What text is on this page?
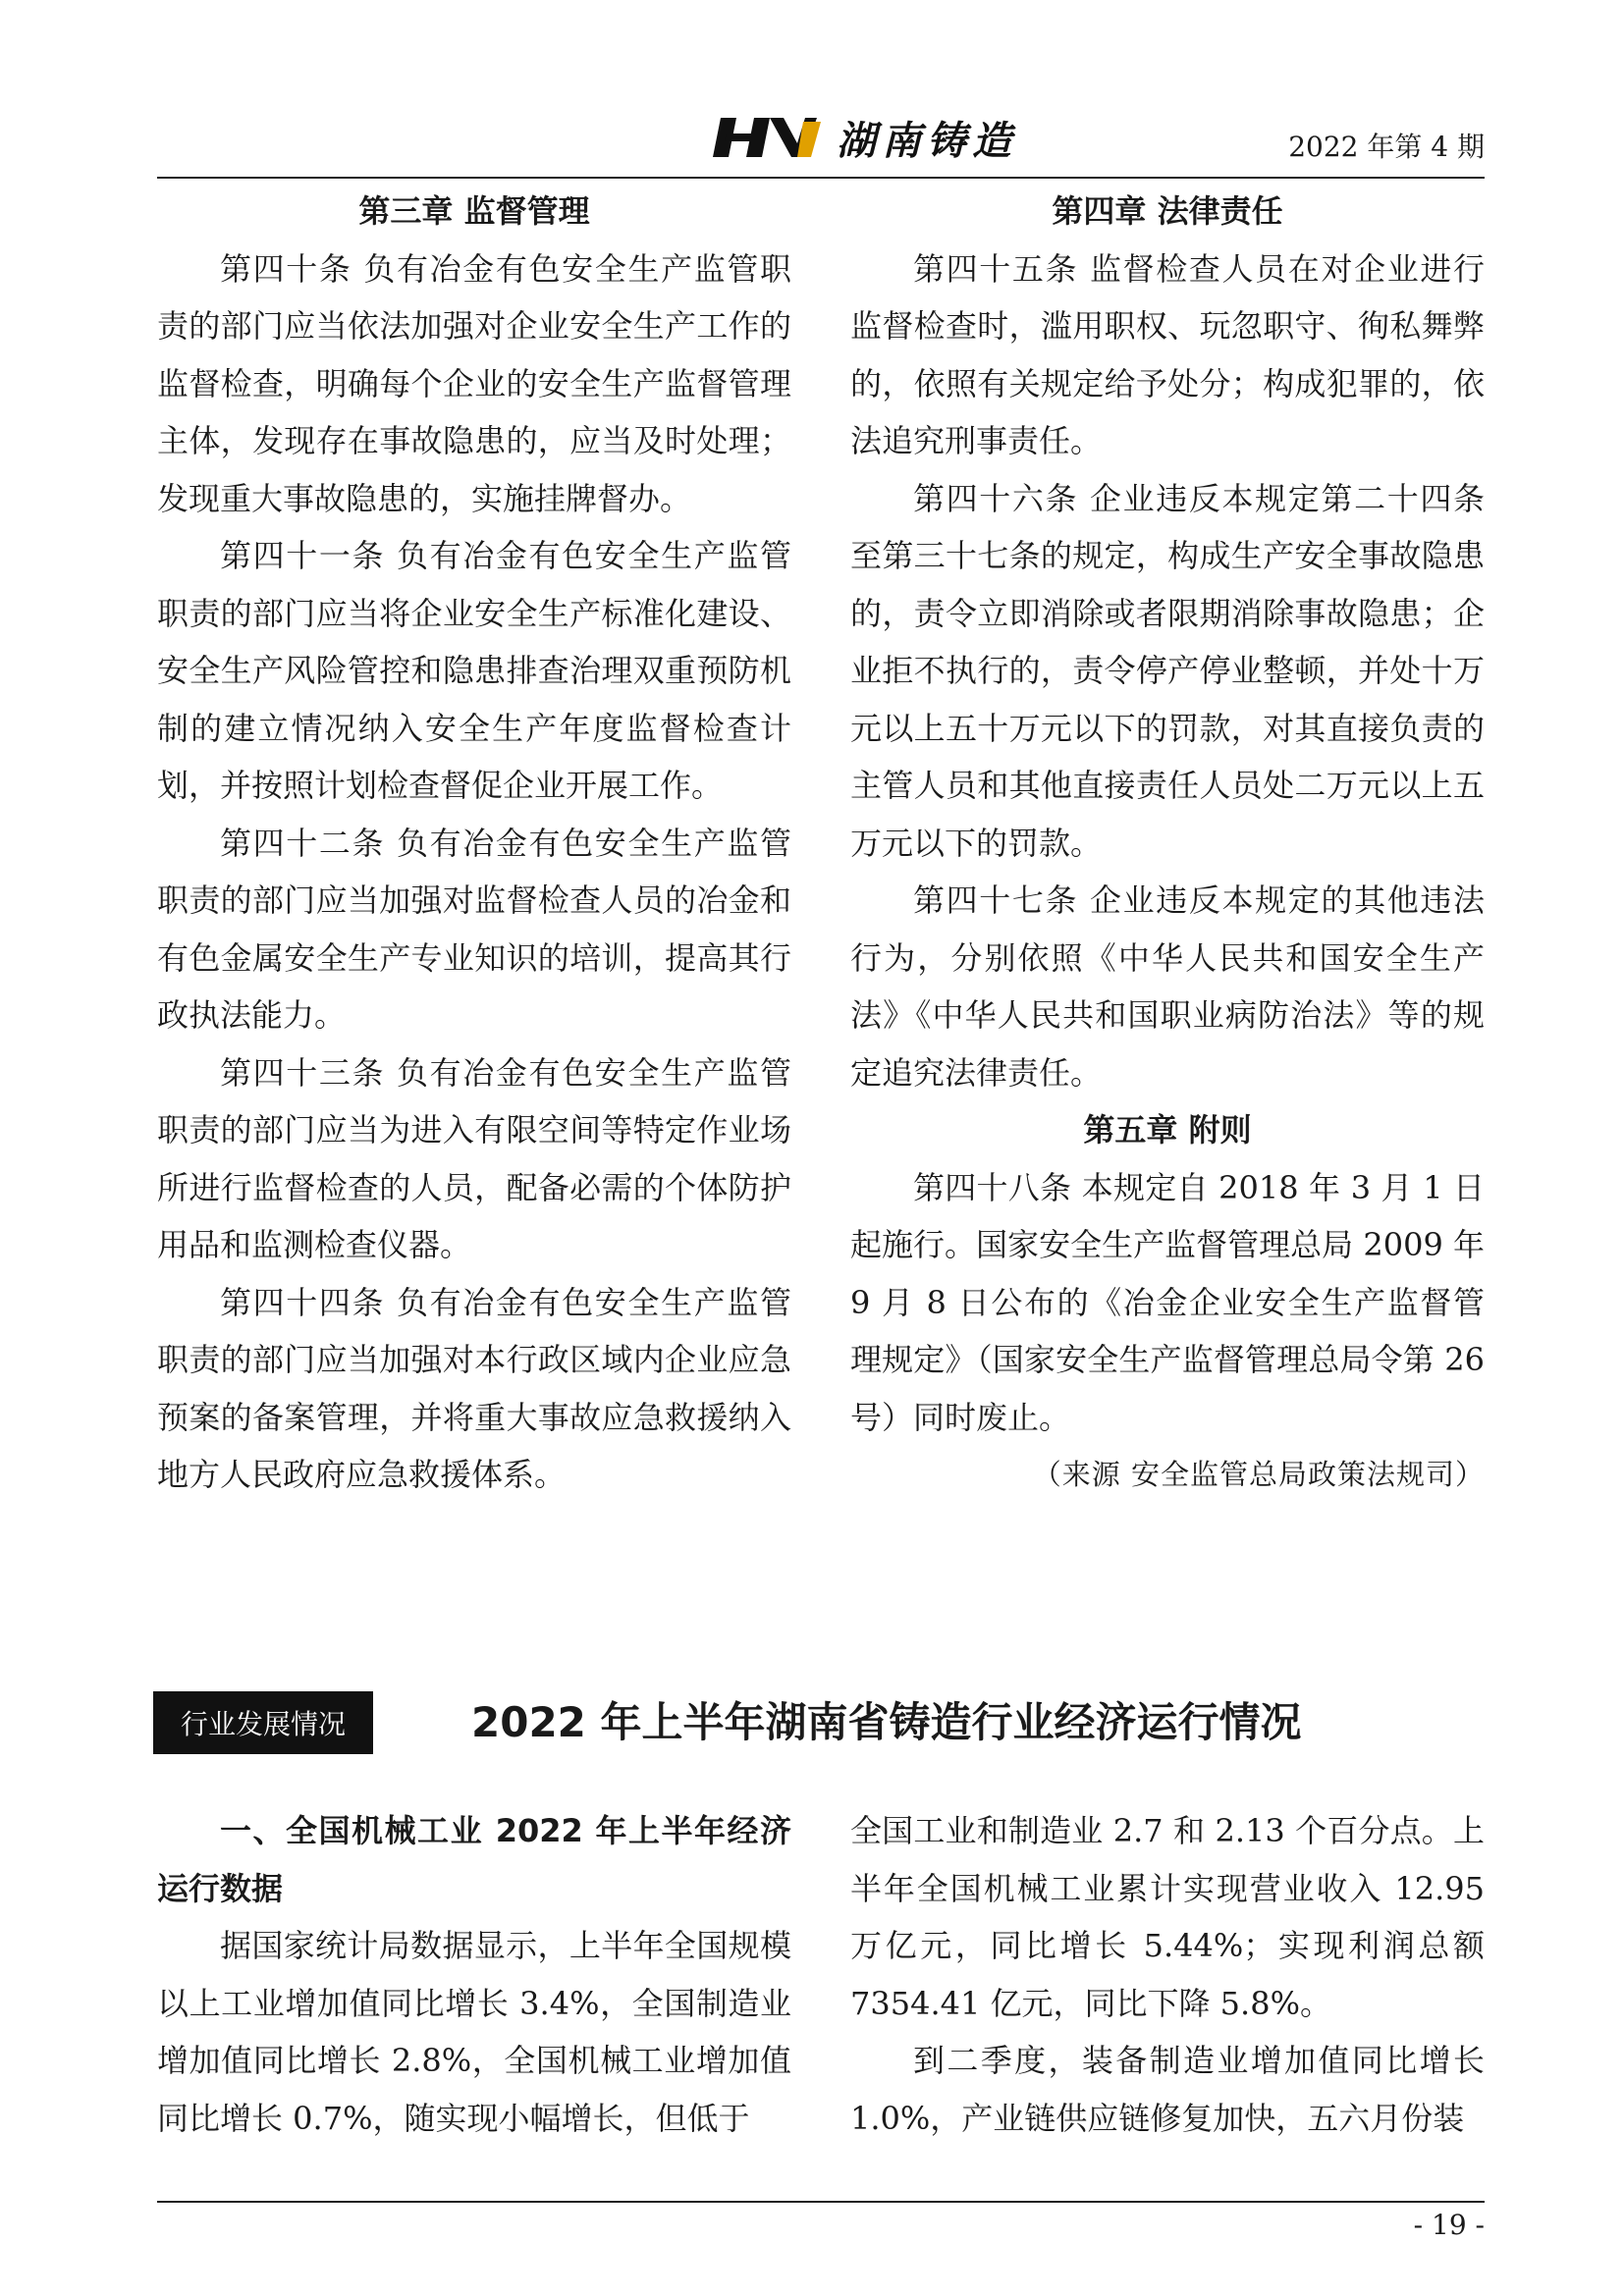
湖南铸造	2022 年第 4 期
第三章 监督管理

第四十条 负有冶金有色安全生产监管职责的部门应当依法加强对企业安全生产工作的监督检查，明确每个企业的安全生产监督管理主体，发现存在事故隐患的，应当及时处理；发现重大事故隐患的，实施挂牌督办。

第四十一条 负有冶金有色安全生产监管职责的部门应当将企业安全生产标准化建设、安全生产风险管控和隐患排查治理双重预防机制的建立情况纳入安全生产年度监督检查计划，并按照计划检查督促企业开展工作。

第四十二条 负有冶金有色安全生产监管职责的部门应当加强对监督检查人员的冶金和有色金属安全生产专业知识的培训，提高其行政执法能力。

第四十三条 负有冶金有色安全生产监管职责的部门应当为进入有限空间等特定作业场所进行监督检查的人员，配备必需的个体防护用品和监测检查仪器。

第四十四条 负有冶金有色安全生产监管职责的部门应当加强对本行政区域内企业应急预案的备案管理，并将重大事故应急救援纳入地方人民政府应急救援体系。

第四章 法律责任

第四十五条 监督检查人员在对企业进行监督检查时，滥用职权、玩忽职守、徇私舞弊的，依照有关规定给予处分；构成犯罪的，依法追究刑事责任。

第四十六条 企业违反本规定第二十四条至第三十七条的规定，构成生产安全事故隐患的，责令立即消除或者限期消除事故隐患；企业拒不执行的，责令停产停业整顿，并处十万元以上五十万元以下的罚款，对其直接负责的主管人员和其他直接责任人员处二万元以上五万元以下的罚款。

第四十七条 企业违反本规定的其他违法行为，分别依照《中华人民共和国安全生产法》《中华人民共和国职业病防治法》等的规定追究法律责任。

第五章 附则

第四十八条 本规定自 2018 年 3 月 1 日起施行。国家安全生产监督管理总局 2009 年 9 月 8 日公布的《冶金企业安全生产监督管理规定》（国家安全生产监督管理总局令第 26 号）同时废止。

（来源 安全监管总局政策法规司）

行业发展情况	2022 年上半年湖南省铸造行业经济运行情况

一、全国机械工业 2022 年上半年经济运行数据

据国家统计局数据显示，上半年全国规模以上工业增加值同比增长 3.4%，全国制造业增加值同比增长 2.8%，全国机械工业增加值同比增长 0.7%，随实现小幅增长，但低于

全国工业和制造业 2.7 和 2.13 个百分点。上半年全国机械工业累计实现营业收入 12.95 万亿元，同比增长 5.44%；实现利润总额 7354.41 亿元，同比下降 5.8%。

到二季度，装备制造业增加值同比增长 1.0%，产业链供应链修复加快，五六月份装

- 19 -
